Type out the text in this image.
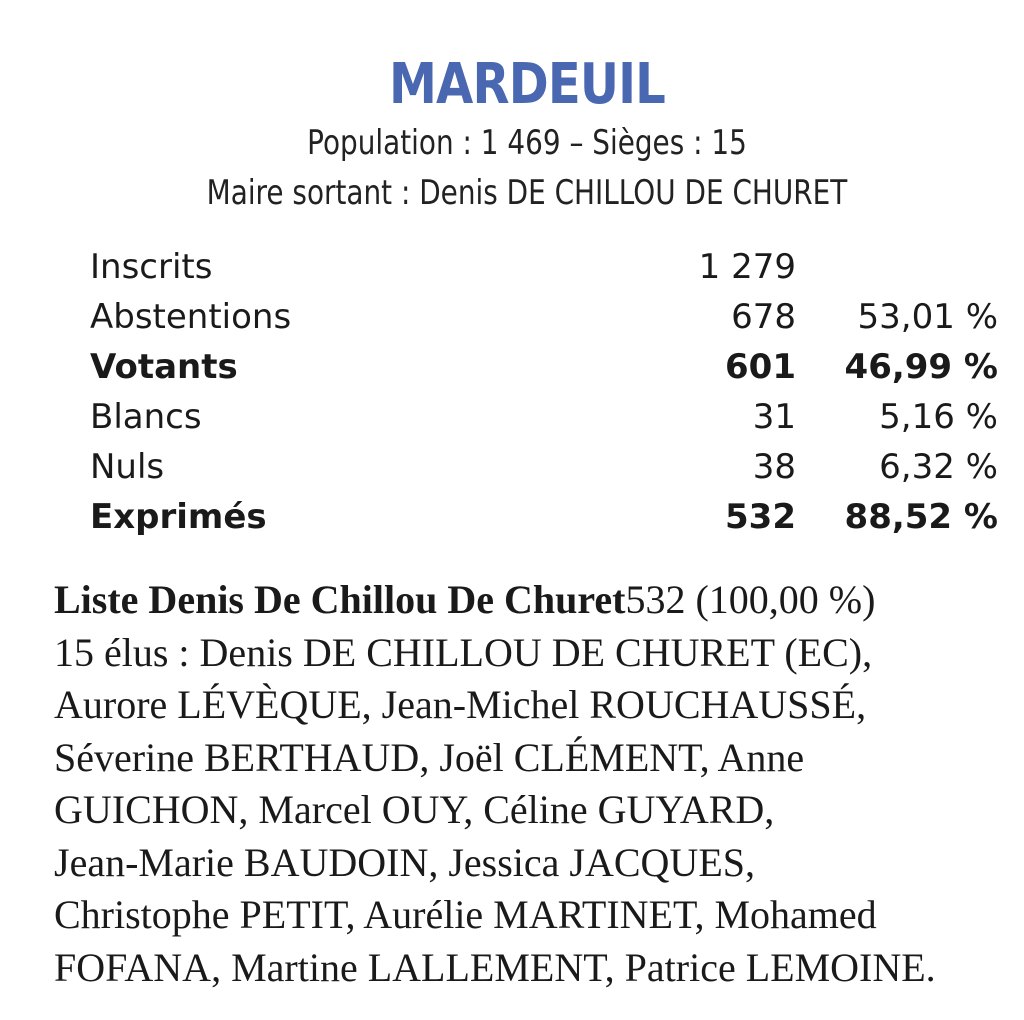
MARDEUIL
Population : 1 469 – Sièges : 15
Maire sortant : Denis DE CHILLOU DE CHURET
Inscrits	1 279
Abstentions	678 53,01 %
Votants	601 46,99 %
Blancs	31 5,16 %
Nuls	38 6,32 %
Exprimés	532 88,52 %
Liste Denis De Chillou De Churet532 (100,00 %)
15 élus : Denis DE CHILLOU DE CHURET (EC),
Aurore LÉVÈQUE, Jean-Michel ROUCHAUSSÉ,
Séverine BERTHAUD, Joël CLÉMENT, Anne
GUICHON, Marcel OUY, Céline GUYARD,
Jean-Marie BAUDOIN, Jessica JACQUES,
Christophe PETIT, Aurélie MARTINET, Mohamed
FOFANA, Martine LALLEMENT, Patrice LEMOINE.
